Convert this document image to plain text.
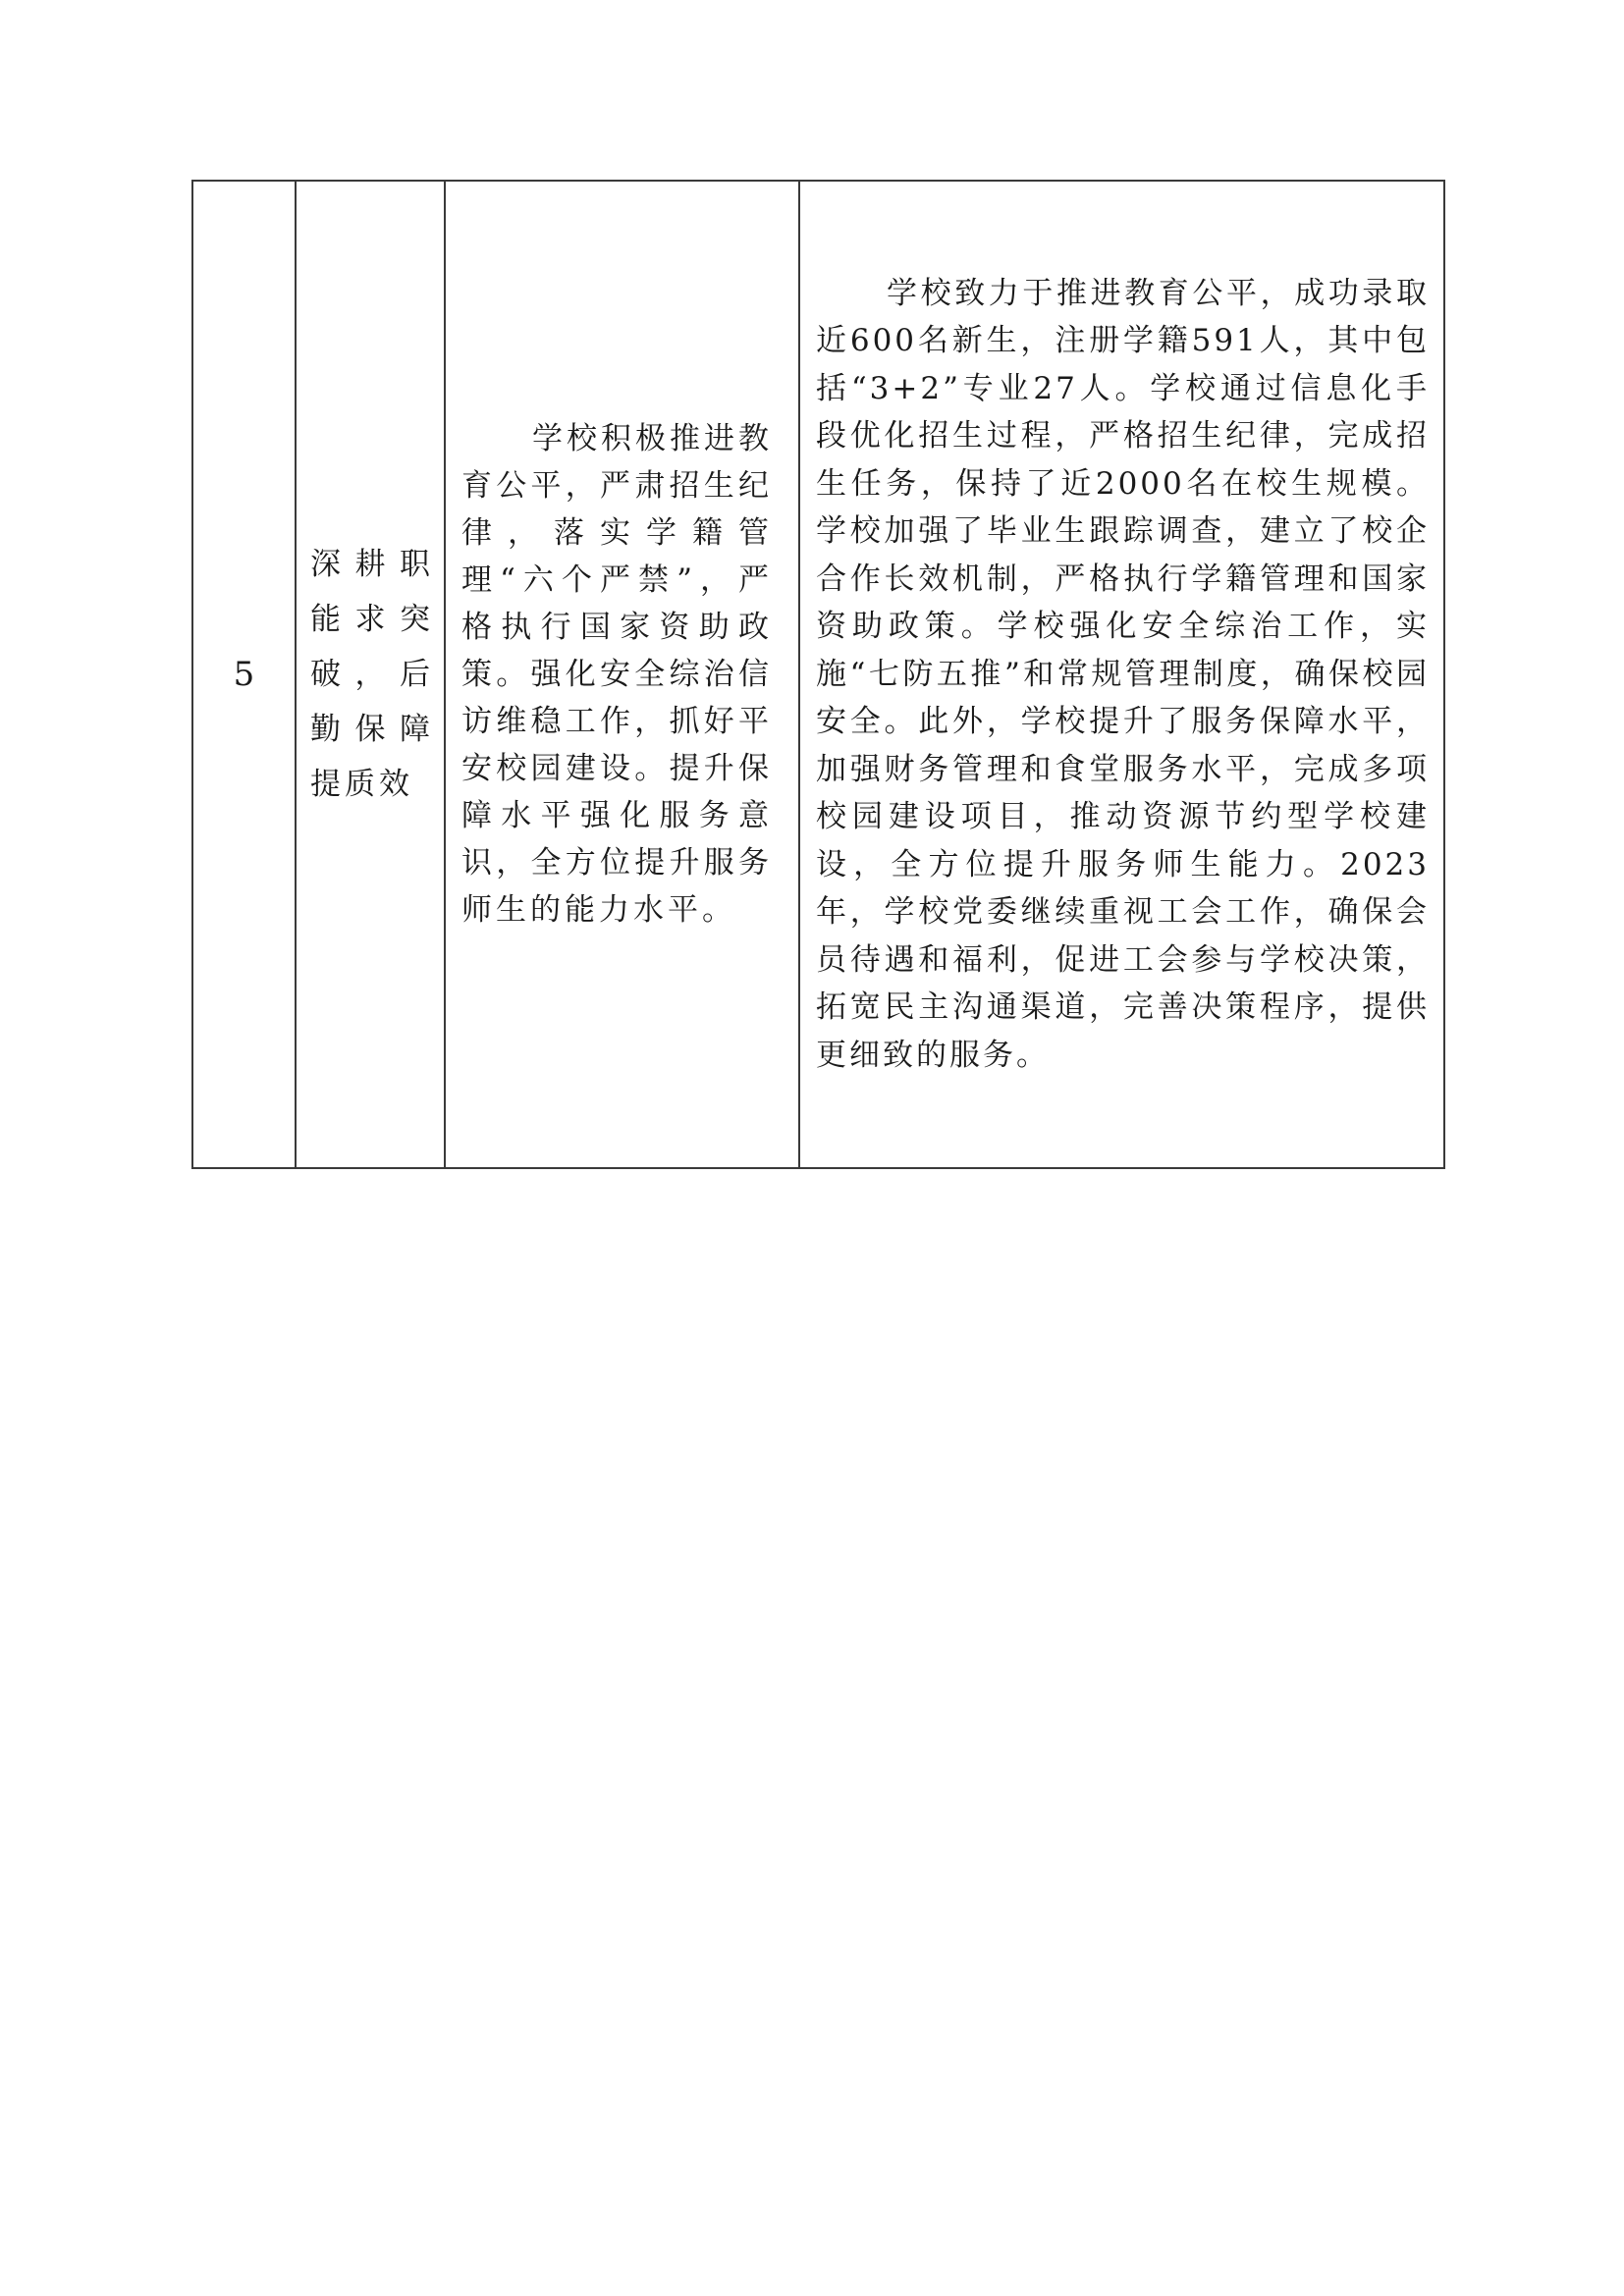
5	深耕职能求突破，后勤保障提质效	学校积极推进教育公平，严肃招生纪律，落实学籍管理“六个严禁”，严格执行国家资助政策。强化安全综治信访维稳工作，抓好平安校园建设。提升保障水平强化服务意识，全方位提升服务师生的能力水平。	学校致力于推进教育公平，成功录取近600名新生，注册学籍591人，其中包括“3+2”专业27人。学校通过信息化手段优化招生过程，严格招生纪律，完成招生任务，保持了近2000名在校生规模。学校加强了毕业生跟踪调查，建立了校企合作长效机制，严格执行学籍管理和国家资助政策。学校强化安全综治工作，实施“七防五推”和常规管理制度，确保校园安全。此外，学校提升了服务保障水平，加强财务管理和食堂服务水平，完成多项校园建设项目，推动资源节约型学校建设，全方位提升服务师生能力。2023年，学校党委继续重视工会工作，确保会员待遇和福利，促进工会参与学校决策，拓宽民主沟通渠道，完善决策程序，提供更细致的服务。
